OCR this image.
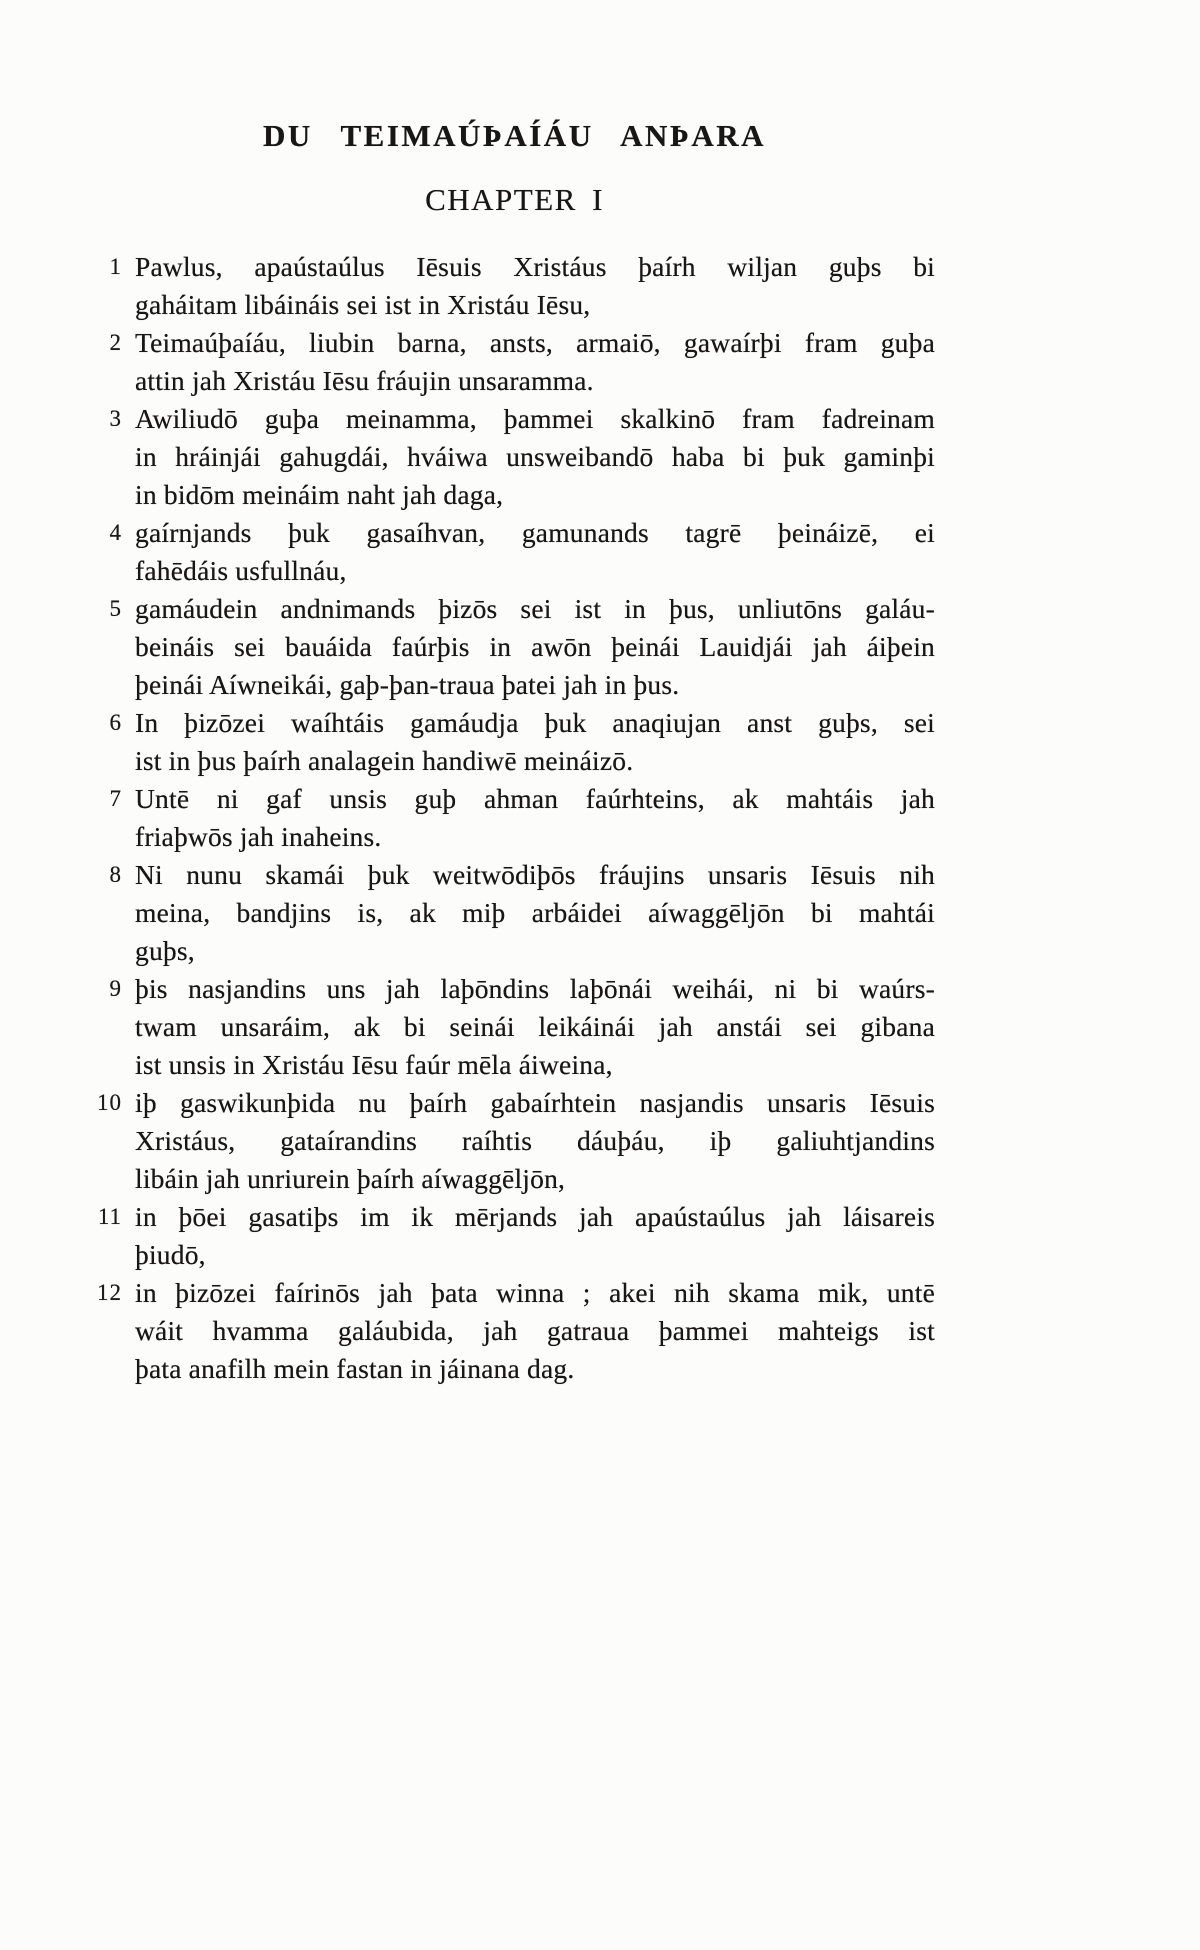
DU TEIMAÚÞAÍÁU ANÞARA
CHAPTER I
1 Pawlus, apaústaúlus Iēsuis Xristáus þaírh wiljan guþs bi
gaháitam libáináis sei ist in Xristáu Iēsu,
2 Teimaúþaíáu, liubin barna, ansts, armaiō, gawaírþi fram guþa
attin jah Xristáu Iēsu fráujin unsaramma.
3 Awiliudō guþa meinamma, þammei skalkinō fram fadreinam
in hráinjái gahugdái, hváiwa unsweibandō haba bi þuk gaminþi
in bidōm meináim naht jah daga,
4 gaírnjands þuk gasaíhvan, gamunands tagrē þeináizē, ei
fahēdáis usfullnáu,
5 gamáudein andnimands þizōs sei ist in þus, unliutōns galáu-
beináis sei bauáida faúrþis in awōn þeinái Lauidjái jah áiþein
þeinái Aíwneikái, gaþ-þan-traua þatei jah in þus.
6 In þizōzei waíhtáis gamáudja þuk anaqiujan anst guþs, sei
ist in þus þaírh analagein handiwē meináizō.
7 Untē ni gaf unsis guþ ahman faúrhteins, ak mahtáis jah
friaþwōs jah inaheins.
8 Ni nunu skamái þuk weitwōdiþōs fráujins unsaris Iēsuis nih
meina, bandjins is, ak miþ arbáidei aíwaggēljōn bi mahtái
guþs,
9 þis nasjandins uns jah laþōndins laþōnái weihái, ni bi waúrs-
twam unsaráim, ak bi seinái leikáinái jah anstái sei gibana
ist unsis in Xristáu Iēsu faúr mēla áiweina,
10 iþ gaswikunþida nu þaírh gabaírhtein nasjandis unsaris Iēsuis
Xristáus, gataírandins raíhtis dáuþáu, iþ galiuhtjandins
libáin jah unriurein þaírh aíwaggēljōn,
11 in þōei gasatiþs im ik mērjands jah apaústaúlus jah láisareis
þiudō,
12 in þizōzei faírinōs jah þata winna ; akei nih skama mik, untē
wáit hvamma galáubida, jah gatraua þammei mahteigs ist
þata anafilh mein fastan in jáinana dag.
